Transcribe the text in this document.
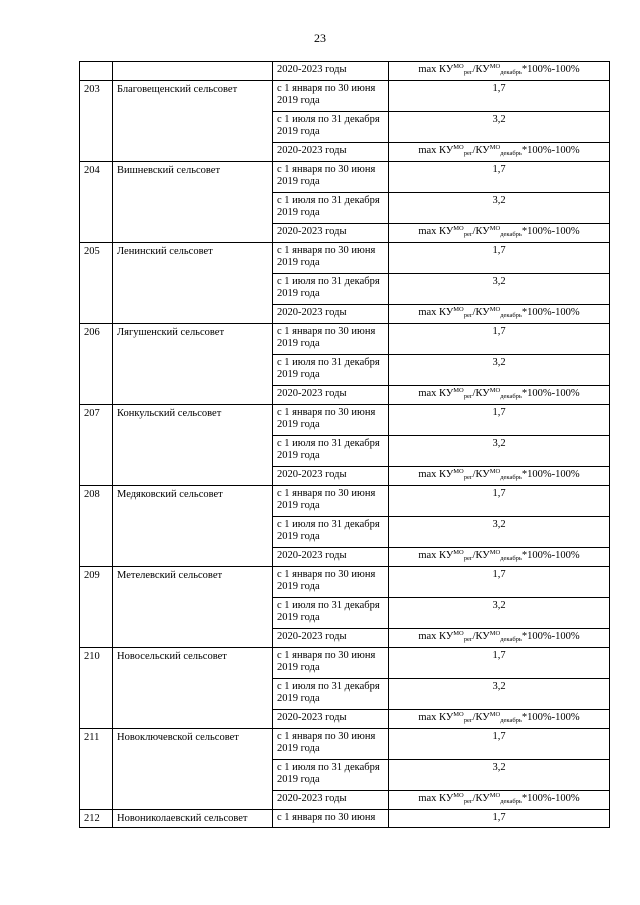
23
		2020-2023 годы	$\max КУ^{МО}_{рег}/КУ^{МО}_{декабрь}*100\%-100\%$
203	Благовещенский сельсовет	с 1 января по 30 июня 2019 года	1,7
		с 1 июля по 31 декабря 2019 года	3,2
		2020-2023 годы	$\max КУ^{МО}_{рег}/КУ^{МО}_{декабрь}*100\%-100\%$
204	Вишневский сельсовет	с 1 января по 30 июня 2019 года	1,7
		с 1 июля по 31 декабря 2019 года	3,2
		2020-2023 годы	$\max КУ^{МО}_{рег}/КУ^{МО}_{декабрь}*100\%-100\%$
205	Ленинский сельсовет	с 1 января по 30 июня 2019 года	1,7
		с 1 июля по 31 декабря 2019 года	3,2
		2020-2023 годы	$\max КУ^{МО}_{рег}/КУ^{МО}_{декабрь}*100\%-100\%$
206	Лягушенский сельсовет	с 1 января по 30 июня 2019 года	1,7
		с 1 июля по 31 декабря 2019 года	3,2
		2020-2023 годы	$\max КУ^{МО}_{рег}/КУ^{МО}_{декабрь}*100\%-100\%$
207	Конкульский сельсовет	с 1 января по 30 июня 2019 года	1,7
		с 1 июля по 31 декабря 2019 года	3,2
		2020-2023 годы	$\max КУ^{МО}_{рег}/КУ^{МО}_{декабрь}*100\%-100\%$
208	Медяковский сельсовет	с 1 января по 30 июня 2019 года	1,7
		с 1 июля по 31 декабря 2019 года	3,2
		2020-2023 годы	$\max КУ^{МО}_{рег}/КУ^{МО}_{декабрь}*100\%-100\%$
209	Метелевский сельсовет	с 1 января по 30 июня 2019 года	1,7
		с 1 июля по 31 декабря 2019 года	3,2
		2020-2023 годы	$\max КУ^{МО}_{рег}/КУ^{МО}_{декабрь}*100\%-100\%$
210	Новосельский сельсовет	с 1 января по 30 июня 2019 года	1,7
		с 1 июля по 31 декабря 2019 года	3,2
		2020-2023 годы	$\max КУ^{МО}_{рег}/КУ^{МО}_{декабрь}*100\%-100\%$
211	Новоключевской сельсовет	с 1 января по 30 июня 2019 года	1,7
		с 1 июля по 31 декабря 2019 года	3,2
		2020-2023 годы	$\max КУ^{МО}_{рег}/КУ^{МО}_{декабрь}*100\%-100\%$
212	Новониколаевский сельсовет	с 1 января по 30 июня	1,7
